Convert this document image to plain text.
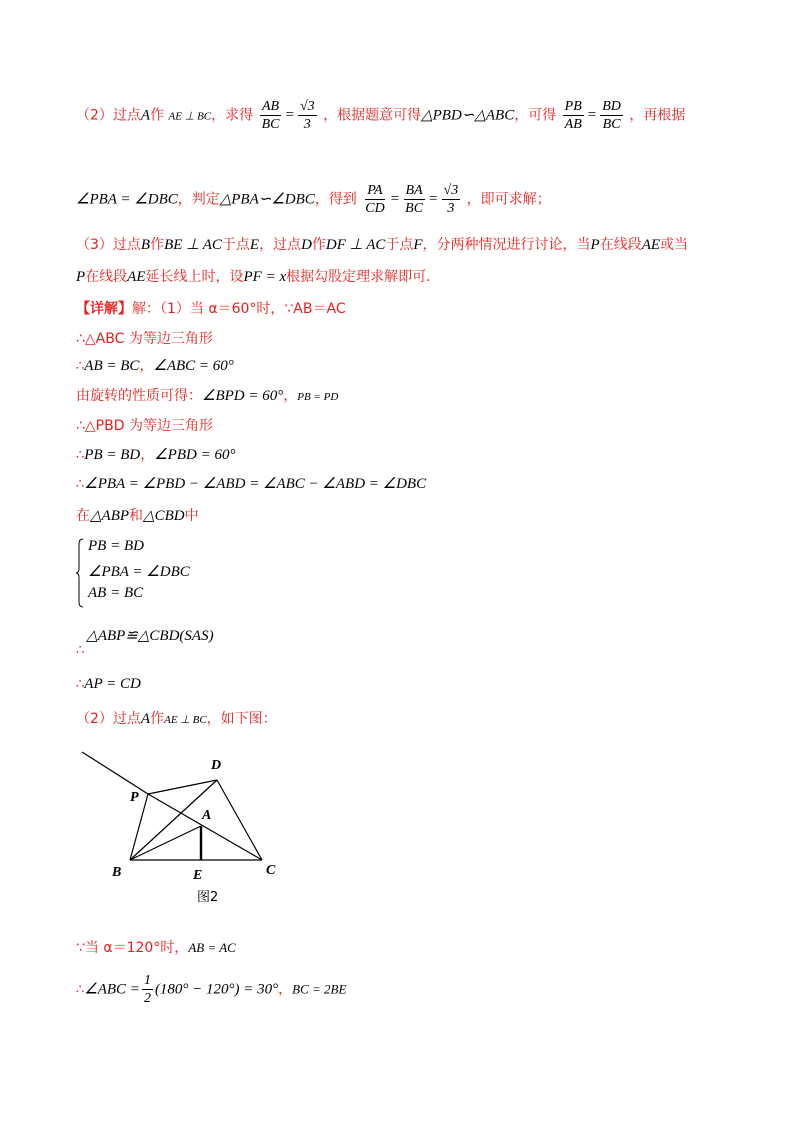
（2）过点A作 AE ⊥ BC，求得 $\frac{AB}{BC} = \frac{√3}{3}$ ，根据题意可得△PBD∽△ABC，可得 $\frac{PB}{AB} = \frac{BD}{BC}$ ，再根据
∠PBA = ∠DBC，判定△PBA∽∠DBC，得到 $\frac{PA}{CD} = \frac{BA}{BC} = \frac{√3}{3}$ ，即可求解；
（3）过点B作BE ⊥ AC于点E，过点D作DF ⊥ AC于点F，分两种情况进行讨论，当P在线段AE或当
P在线段AE延长线上时，设PF = x根据勾股定理求解即可.
【详解】解：（1）当 α＝60°时，∵AB＝AC
∴△ABC 为等边三角形
∴AB = BC，∠ABC = 60°
由旋转的性质可得：∠BPD = 60°，PB = PD
∴△PBD 为等边三角形
∴PB = BD，∠PBD = 60°
∴∠PBA = ∠PBD − ∠ABD = ∠ABC − ∠ABD = ∠DBC
在△ABP和△CBD中
PB = BD
∠PBA = ∠DBC
AB = BC
∴△ABP≌△CBD(SAS)
∴AP = CD
（2）过点A作AE ⊥ BC，如下图：
D
P
A
B	E	C
图2
∵当 α＝120°时，AB = AC
∴∠ABC = $\frac{1}{2} (180^\circ - 120^\circ) = 30^\circ$，BC = 2BE
